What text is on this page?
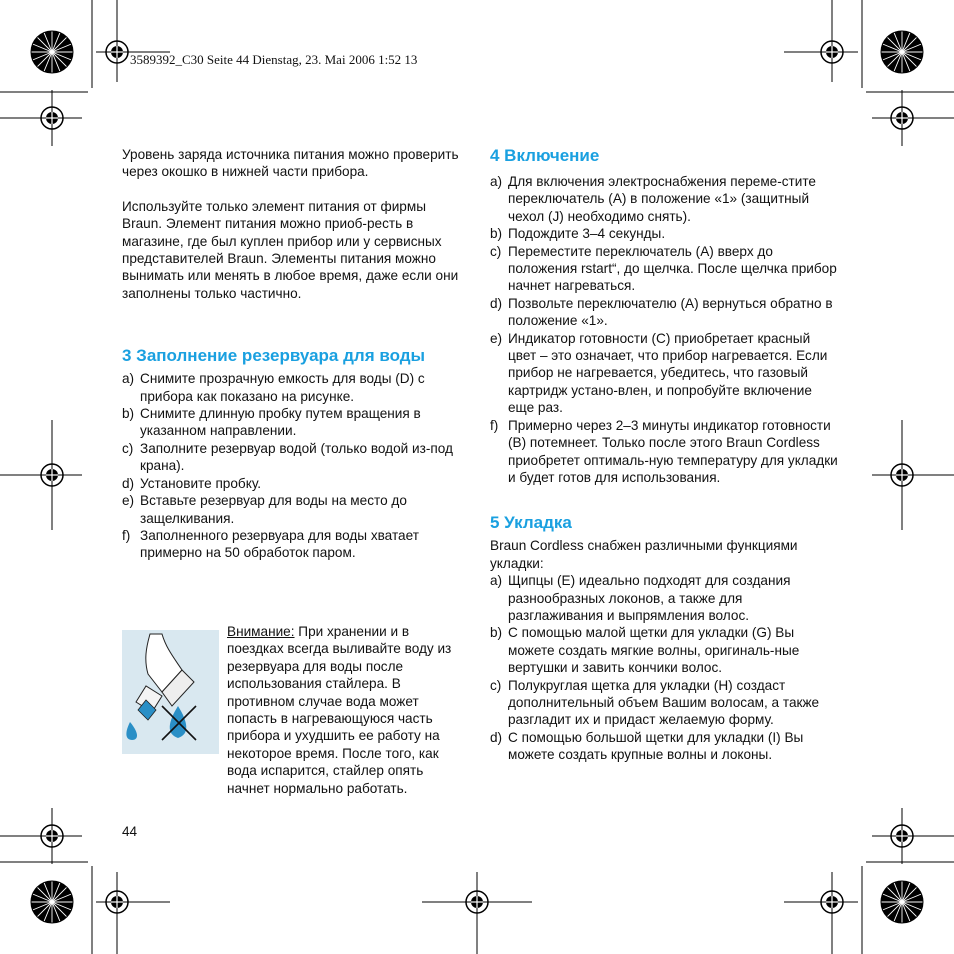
3589392_C30 Seite 44 Dienstag, 23. Mai 2006 1:52 13

Уровень заряда источника питания можно проверить через окошко в нижней части прибора.

Используйте только элемент питания от фирмы Braun. Элемент питания можно приоб-ресть в магазине, где был куплен прибор или у сервисных представителей Braun. Элементы питания можно вынимать или менять в любое время, даже если они заполнены только частично.

3 Заполнение резервуара для воды
a) Снимите прозрачную емкость для воды (D) с прибора как показано на рисунке.
b) Снимите длинную пробку путем вращения в указанном направлении.
c) Заполните резервуар водой (только водой из-под крана).
d) Установите пробку.
e) Вставьте резервуар для воды на место до защелкивания.
f) Заполненного резервуара для воды хватает примерно на 50 обработок паром.
Внимание: При хранении и в поездках всегда выливайте воду из резервуара для воды после использования стайлера. В противном случае вода может попасть в нагревающуюся часть прибора и ухудшить ее работу на некоторое время. После того, как вода испарится, стайлер опять начнет нормально работать.
44
4 Включение
a) Для включения электроснабжения переме-стите переключатель (A) в положение «1» (защитный чехол (J) необходимо снять).
b) Подождите 3–4 секунды.
c) Переместите переключатель (A) вверх до положения rstart“, до щелчка. После щелчка прибор начнет нагреваться.
d) Позвольте переключателю (A) вернуться обратно в положение «1».
e) Индикатор готовности (C) приобретает красный цвет – это означает, что прибор нагревается. Если прибор не нагревается, убедитесь, что газовый картридж устано-влен, и попробуйте включение еще раз.
f) Примерно через 2–3 минуты индикатор готовности (B) потемнеет. Только после этого Braun Cordless приобретет оптималь-ную температуру для укладки и будет готов для использования.
5 Укладка

Braun Cordless снабжен различными функциями укладки:

a) Щипцы (E) идеально подходят для создания разнообразных локонов, а также для разглаживания и выпрямления волос.
b) С помощью малой щетки для укладки (G) Вы можете создать мягкие волны, оригиналь-ные вертушки и завить кончики волос.
c) Полукруглая щетка для укладки (H) создаст дополнительный объем Вашим волосам, а также разгладит их и придаст желаемую форму.
d) С помощью большой щетки для укладки (I) Вы можете создать крупные волны и локоны.
